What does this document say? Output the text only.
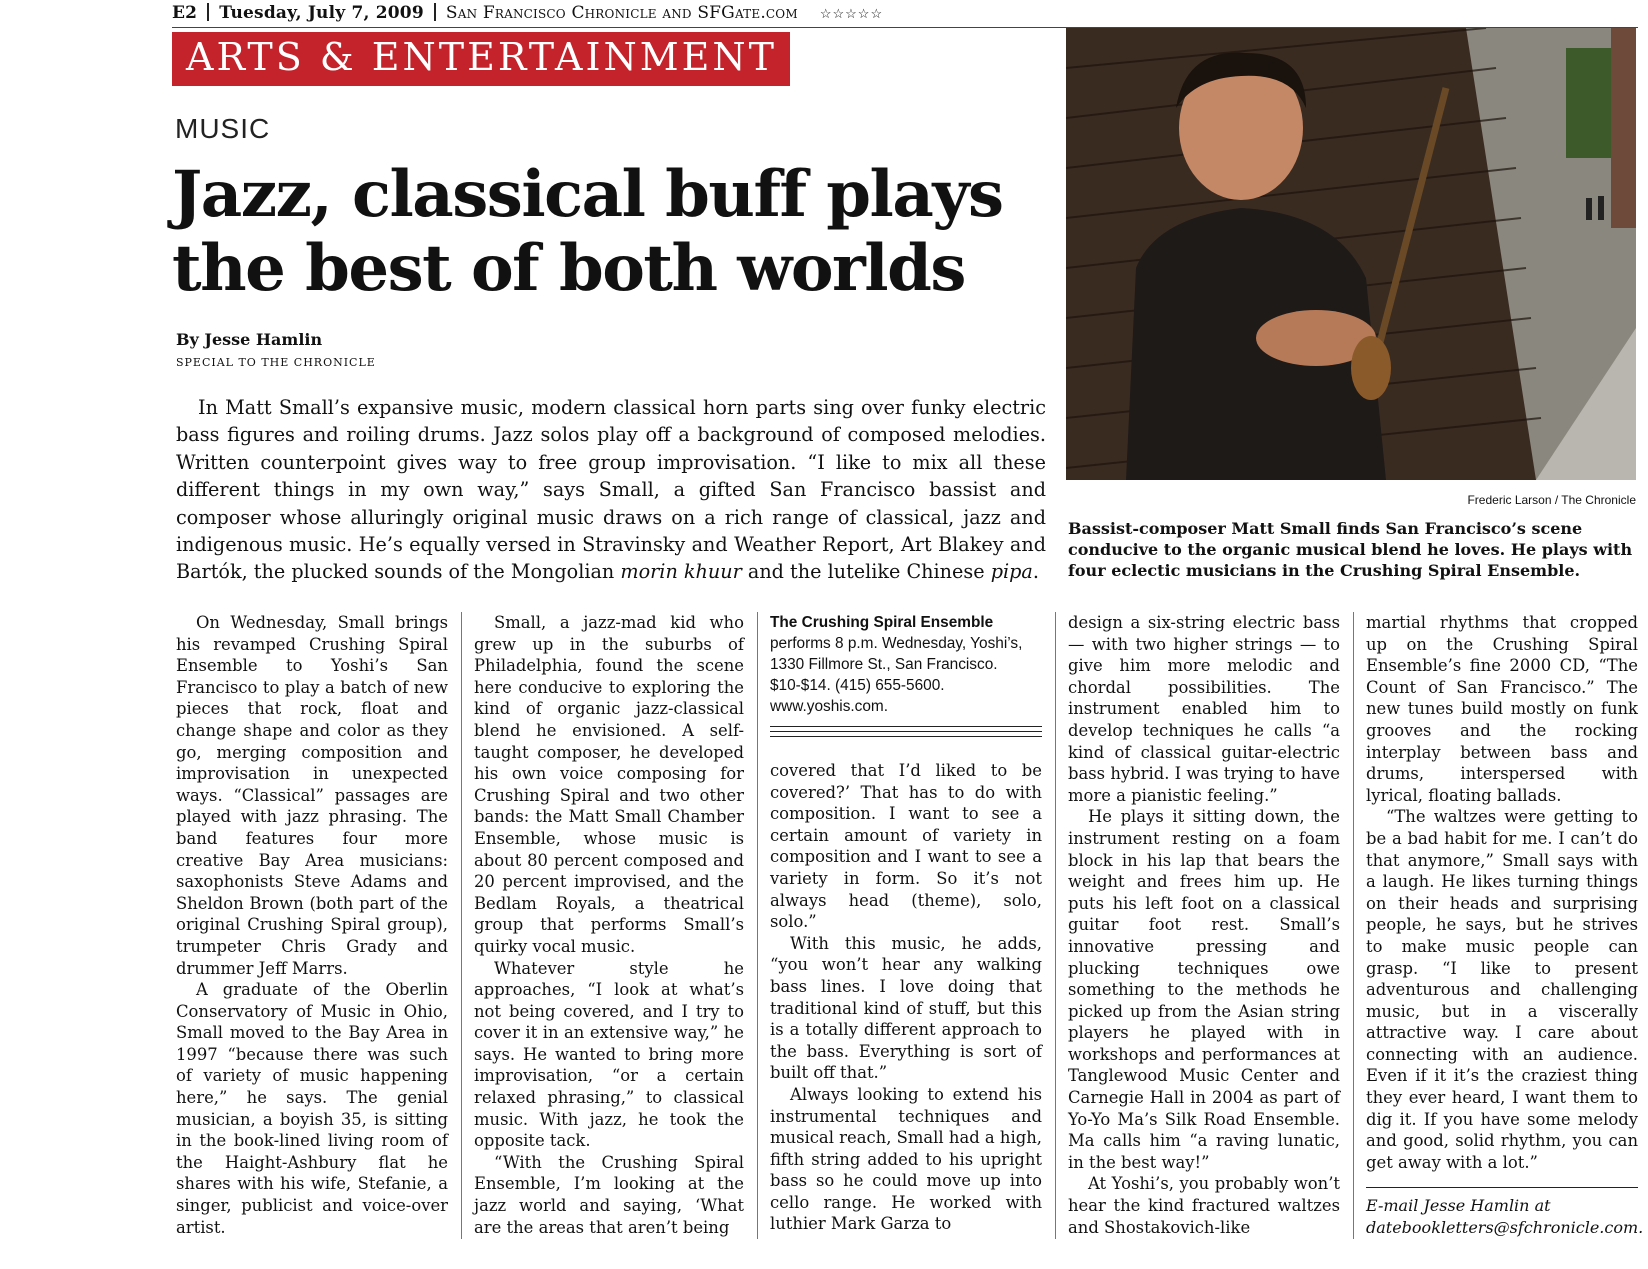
E2 Tuesday, July 7, 2009 San Francisco Chronicle and SFGate.com ☆☆☆☆☆
ARTS & ENTERTAINMENT
MUSIC
Jazz, classical buff plays the best of both worlds
By Jesse Hamlin
SPECIAL TO THE CHRONICLE
In Matt Small’s expansive music, modern classical horn parts sing over funky electric bass figures and roiling drums. Jazz solos play off a background of composed melodies. Written counterpoint gives way to free group improvisation. “I like to mix all these different things in my own way,” says Small, a gifted San Francisco bassist and composer whose alluringly original music draws on a rich range of classical, jazz and indigenous music. He’s equally versed in Stravinsky and Weather Report, Art Blakey and Bartók, the plucked sounds of the Mongolian morin khuur and the lutelike Chinese pipa.
Frederic Larson / The Chronicle
Bassist-composer Matt Small finds San Francisco’s scene conducive to the organic musical blend he loves. He plays with four eclectic musicians in the Crushing Spiral Ensemble.

On Wednesday, Small brings his revamped Crushing Spiral Ensemble to Yoshi’s San Francisco to play a batch of new pieces that rock, float and change shape and color as they go, merging composition and improvisation in unexpected ways. “Classical” passages are played with jazz phrasing. The band features four more creative Bay Area musicians: saxophonists Steve Adams and Sheldon Brown (both part of the original Crushing Spiral group), trumpeter Chris Grady and drummer Jeff Marrs.

A graduate of the Oberlin Conservatory of Music in Ohio, Small moved to the Bay Area in 1997 “because there was such of variety of music happening here,” he says. The genial musician, a boyish 35, is sitting in the book-lined living room of the Haight-Ashbury flat he shares with his wife, Stefanie, a singer, publicist and voice-over artist.

Small, a jazz-mad kid who grew up in the suburbs of Philadelphia, found the scene here conducive to exploring the kind of organic jazz-classical blend he envisioned. A self-taught composer, he developed his own voice composing for Crushing Spiral and two other bands: the Matt Small Chamber Ensemble, whose music is about 80 percent composed and 20 percent improvised, and the Bedlam Royals, a theatrical group that performs Small’s quirky vocal music.

Whatever style he approaches, “I look at what’s not being covered, and I try to cover it in an extensive way,” he says. He wanted to bring more improvisation, “or a certain relaxed phrasing,” to classical music. With jazz, he took the opposite tack.

“With the Crushing Spiral Ensemble, I’m looking at the jazz world and saying, ‘What are the areas that aren’t being

The Crushing Spiral Ensemble performs 8 p.m. Wednesday, Yoshi’s, 1330 Fillmore St., San Francisco. $10-$14. (415) 655-5600. www.yoshis.com.

covered that I’d liked to be covered?’ That has to do with composition. I want to see a certain amount of variety in composition and I want to see a variety in form. So it’s not always head (theme), solo, solo.”

With this music, he adds, “you won’t hear any walking bass lines. I love doing that traditional kind of stuff, but this is a totally different approach to the bass. Everything is sort of built off that.”

Always looking to extend his instrumental techniques and musical reach, Small had a high, fifth string added to his upright bass so he could move up into cello range. He worked with luthier Mark Garza to

design a six-string electric bass — with two higher strings — to give him more melodic and chordal possibilities. The instrument enabled him to develop techniques he calls “a kind of classical guitar-electric bass hybrid. I was trying to have more a pianistic feeling.”

He plays it sitting down, the instrument resting on a foam block in his lap that bears the weight and frees him up. He puts his left foot on a classical guitar foot rest. Small’s innovative pressing and plucking techniques owe something to the methods he picked up from the Asian string players he played with in workshops and performances at Tanglewood Music Center and Carnegie Hall in 2004 as part of Yo-Yo Ma’s Silk Road Ensemble. Ma calls him “a raving lunatic, in the best way!”

At Yoshi’s, you probably won’t hear the kind fractured waltzes and Shostakovich-like

martial rhythms that cropped up on the Crushing Spiral Ensemble’s fine 2000 CD, “The Count of San Francisco.” The new tunes build mostly on funk grooves and the rocking interplay between bass and drums, interspersed with lyrical, floating ballads.

“The waltzes were getting to be a bad habit for me. I can’t do that anymore,” Small says with a laugh. He likes turning things on their heads and surprising people, he says, but he strives to make music people can grasp. “I like to present adventurous and challenging music, but in a viscerally attractive way. I care about connecting with an audience. Even if it it’s the craziest thing they ever heard, I want them to dig it. If you have some melody and good, solid rhythm, you can get away with a lot.”

E-mail Jesse Hamlin at datebookletters@sfchronicle.com.
